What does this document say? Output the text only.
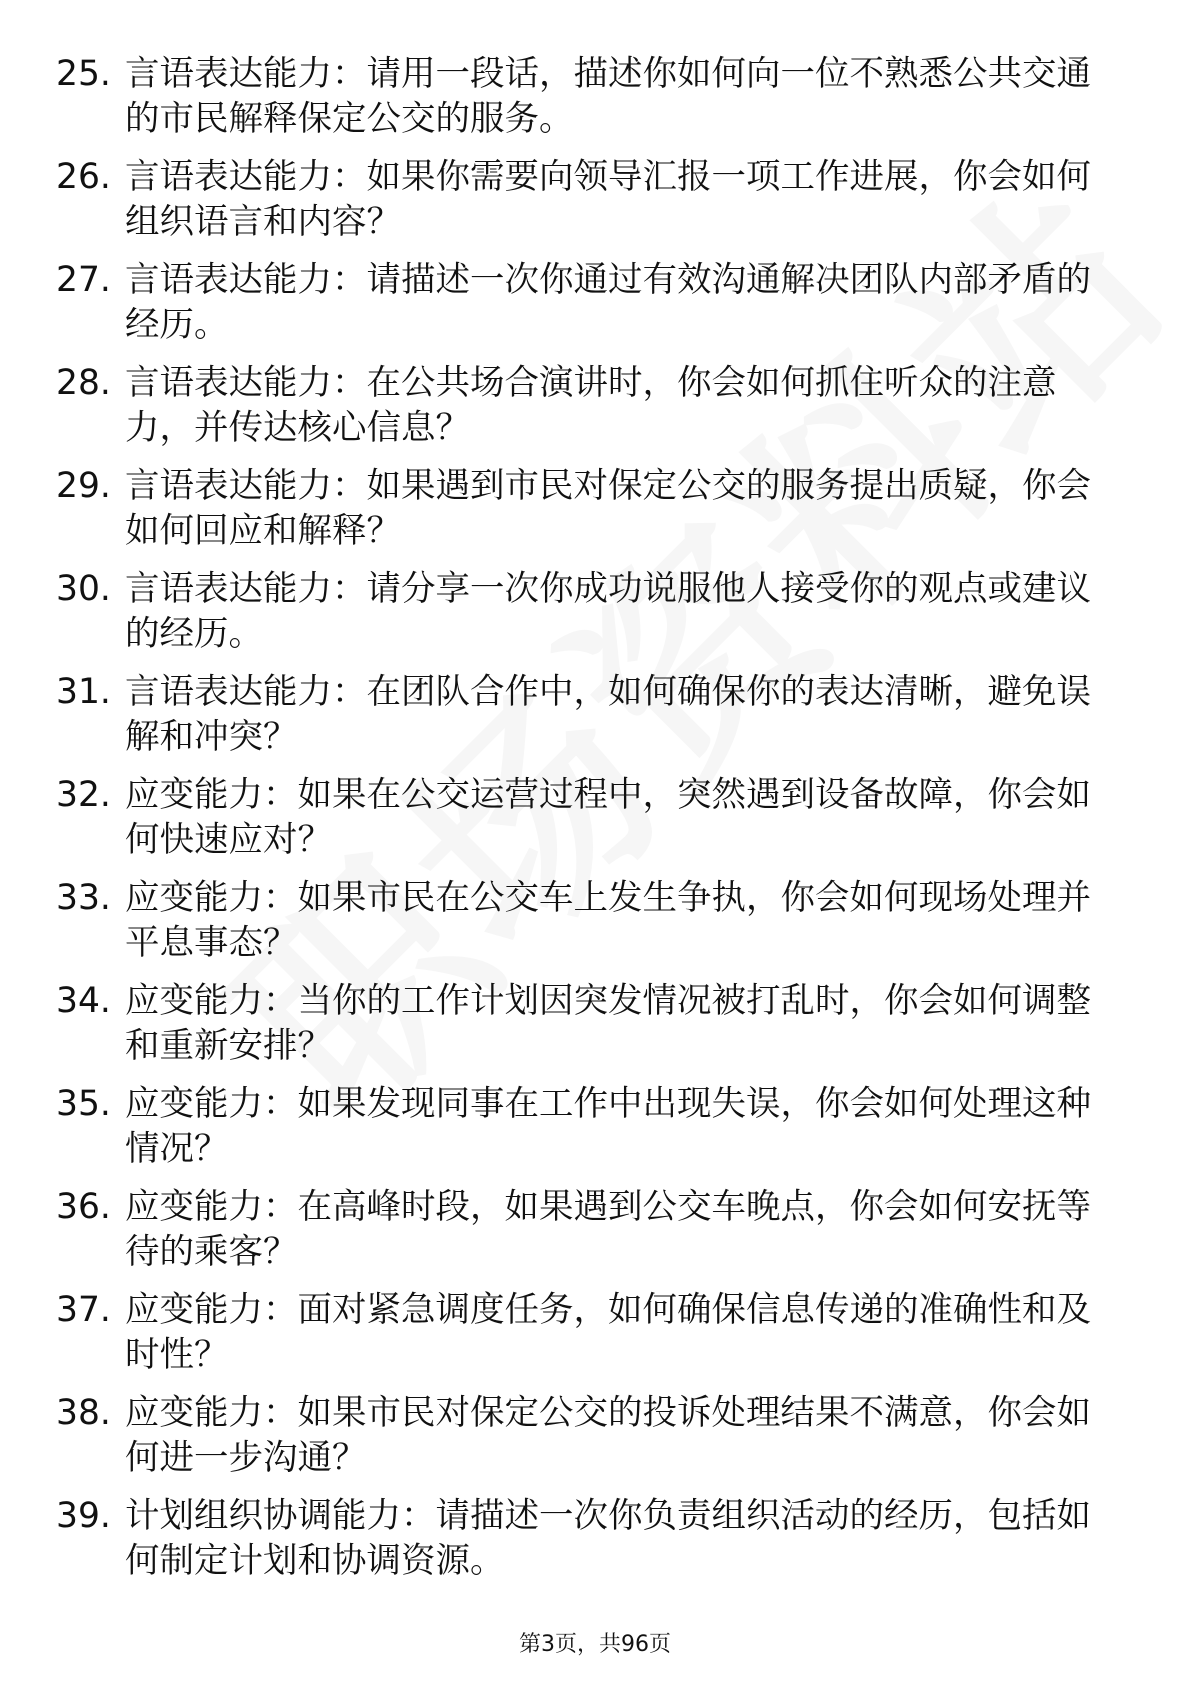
25. 言语表达能力：请用一段话，描述你如何向一位不熟悉公共交通
的市民解释保定公交的服务。

26. 言语表达能力：如果你需要向领导汇报一项工作进展，你会如何
组织语言和内容？

27. 言语表达能力：请描述一次你通过有效沟通解决团队内部矛盾的
经历。

28. 言语表达能力：在公共场合演讲时，你会如何抓住听众的注意
力，并传达核心信息？

29. 言语表达能力：如果遇到市民对保定公交的服务提出质疑，你会
如何回应和解释？

30. 言语表达能力：请分享一次你成功说服他人接受你的观点或建议
的经历。

31. 言语表达能力：在团队合作中，如何确保你的表达清晰，避免误
解和冲突？

32. 应变能力：如果在公交运营过程中，突然遇到设备故障，你会如
何快速应对？

33. 应变能力：如果市民在公交车上发生争执，你会如何现场处理并
平息事态？

34. 应变能力：当你的工作计划因突发情况被打乱时，你会如何调整
和重新安排？

35. 应变能力：如果发现同事在工作中出现失误，你会如何处理这种
情况？

36. 应变能力：在高峰时段，如果遇到公交车晚点，你会如何安抚等
待的乘客？

37. 应变能力：面对紧急调度任务，如何确保信息传递的准确性和及
时性？

38. 应变能力：如果市民对保定公交的投诉处理结果不满意，你会如
何进一步沟通？

39. 计划组织协调能力：请描述一次你负责组织活动的经历，包括如
何制定计划和协调资源。

第3页，共96页
